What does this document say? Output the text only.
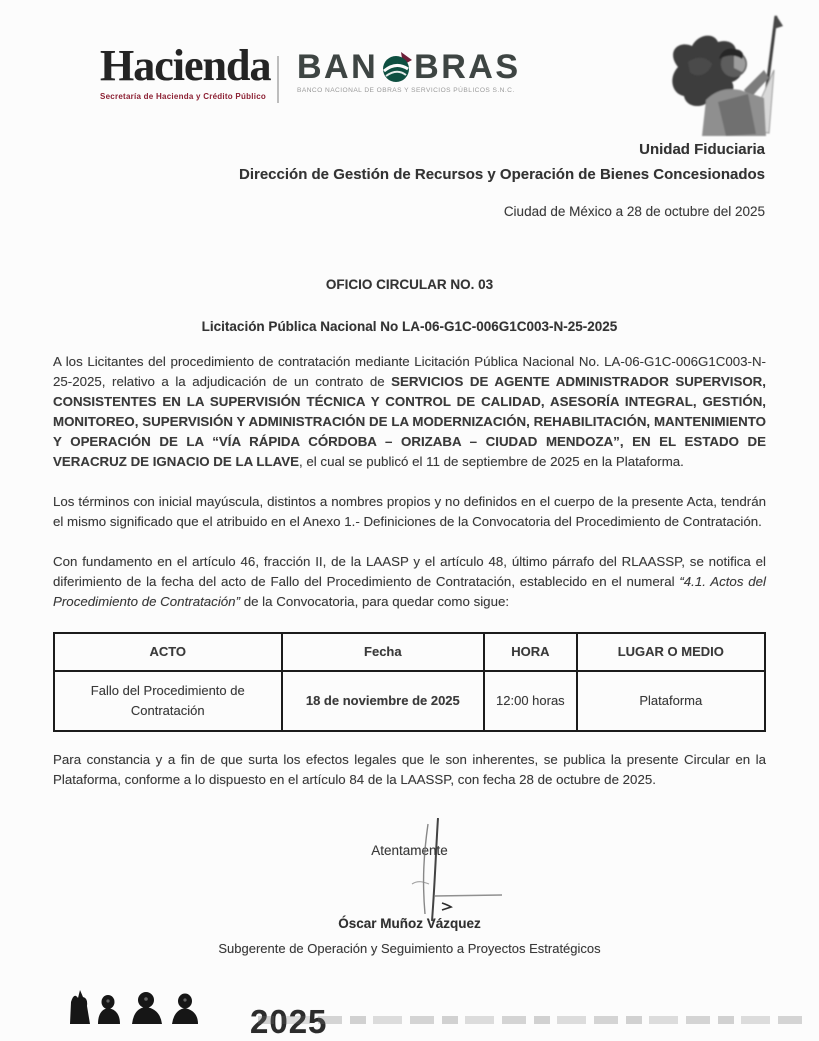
Hacienda
Secretaría de Hacienda y Crédito Público
BAN BRAS
BANCO NACIONAL DE OBRAS Y SERVICIOS PÚBLICOS S.N.C.
Unidad Fiduciaria
Dirección de Gestión de Recursos y Operación de Bienes Concesionados
Ciudad de México a 28 de octubre del 2025
OFICIO CIRCULAR NO. 03
Licitación Pública Nacional No LA-06-G1C-006G1C003-N-25-2025

A los Licitantes del procedimiento de contratación mediante Licitación Pública Nacional No. LA-06-G1C-006G1C003-N-25-2025, relativo a la adjudicación de un contrato de SERVICIOS DE AGENTE ADMINISTRADOR SUPERVISOR, CONSISTENTES EN LA SUPERVISIÓN TÉCNICA Y CONTROL DE CALIDAD, ASESORÍA INTEGRAL, GESTIÓN, MONITOREO, SUPERVISIÓN Y ADMINISTRACIÓN DE LA MODERNIZACIÓN, REHABILITACIÓN, MANTENIMIENTO Y OPERACIÓN DE LA “VÍA RÁPIDA CÓRDOBA – ORIZABA – CIUDAD MENDOZA”, EN EL ESTADO DE VERACRUZ DE IGNACIO DE LA LLAVE, el cual se publicó el 11 de septiembre de 2025 en la Plataforma.

Los términos con inicial mayúscula, distintos a nombres propios y no definidos en el cuerpo de la presente Acta, tendrán el mismo significado que el atribuido en el Anexo 1.- Definiciones de la Convocatoria del Procedimiento de Contratación.

Con fundamento en el artículo 46, fracción II, de la LAASP y el artículo 48, último párrafo del RLAASSP, se notifica el diferimiento de la fecha del acto de Fallo del Procedimiento de Contratación, establecido en el numeral “4.1. Actos del Procedimiento de Contratación” de la Convocatoria, para quedar como sigue:

ACTO	Fecha	HORA	LUGAR O MEDIO
Fallo del Procedimiento de Contratación	18 de noviembre de 2025	12:00 horas	Plataforma

Para constancia y a fin de que surta los efectos legales que le son inherentes, se publica la presente Circular en la Plataforma, conforme a lo dispuesto en el artículo 84 de la LAASSP, con fecha 28 de octubre de 2025.

Atentamente
Óscar Muñoz Vázquez
Subgerente de Operación y Seguimiento a Proyectos Estratégicos
2025
